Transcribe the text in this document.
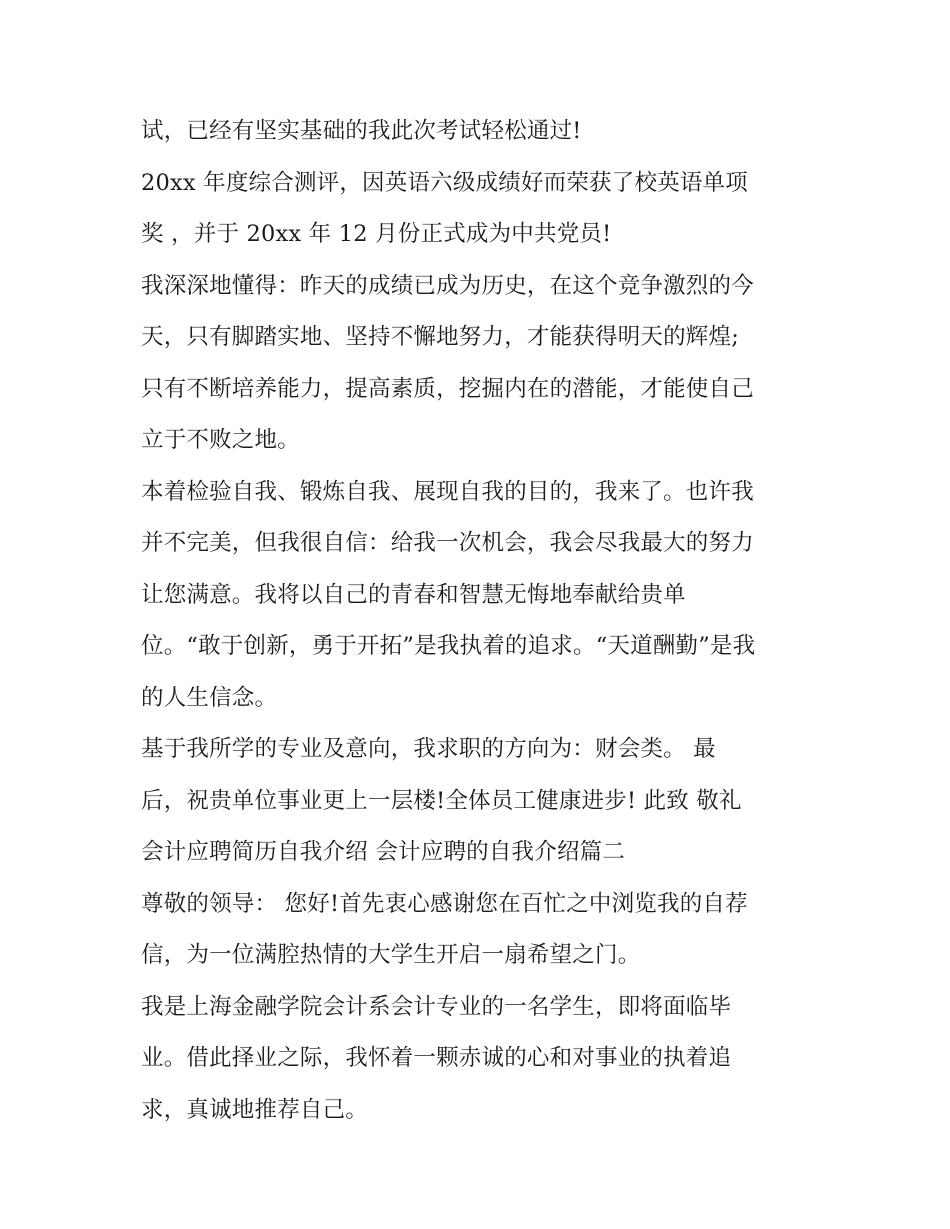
试，已经有坚实基础的我此次考试轻松通过!
20xx 年度综合测评，因英语六级成绩好而荣获了校英语单项
奖 ，并于 20xx 年 12 月份正式成为中共党员!
我深深地懂得：昨天的成绩已成为历史，在这个竞争激烈的今
天，只有脚踏实地、坚持不懈地努力，才能获得明天的辉煌;
只有不断培养能力，提高素质，挖掘内在的潜能，才能使自己
立于不败之地。
本着检验自我、锻炼自我、展现自我的目的，我来了。也许我
并不完美，但我很自信：给我一次机会，我会尽我最大的努力
让您满意。我将以自己的青春和智慧无悔地奉献给贵单
位。“敢于创新，勇于开拓”是我执着的追求。“天道酬勤”是我
的人生信念。
基于我所学的专业及意向，我求职的方向为：财会类。 最
后，祝贵单位事业更上一层楼!全体员工健康进步! 此致 敬礼
会计应聘简历自我介绍 会计应聘的自我介绍篇二
尊敬的领导： 您好!首先衷心感谢您在百忙之中浏览我的自荐
信，为一位满腔热情的大学生开启一扇希望之门。
我是上海金融学院会计系会计专业的一名学生，即将面临毕
业。借此择业之际，我怀着一颗赤诚的心和对事业的执着追
求，真诚地推荐自己。
